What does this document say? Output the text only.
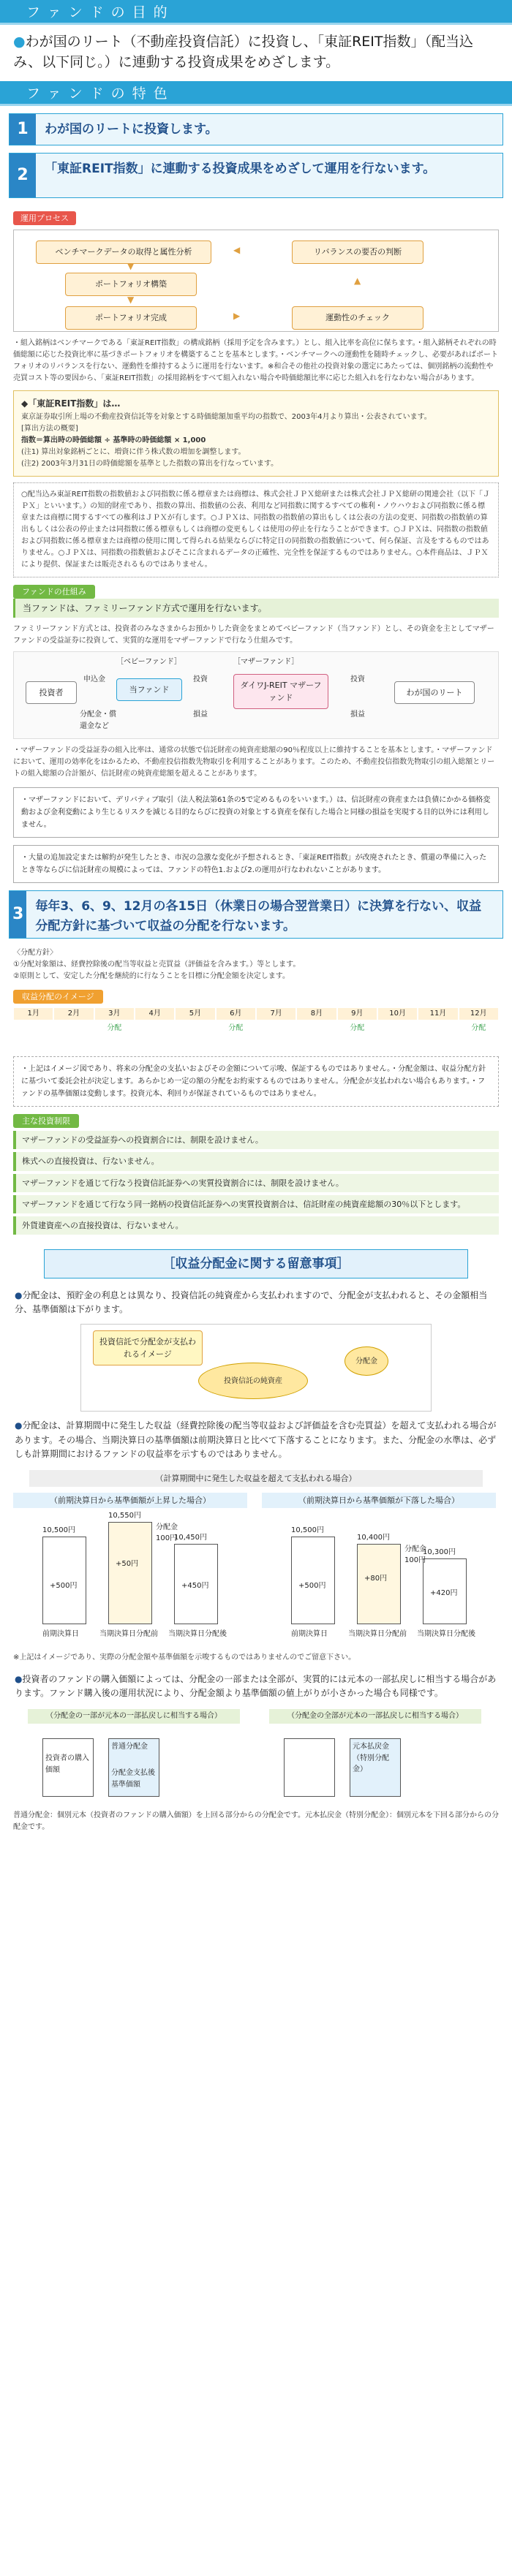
ファンドの目的
●わが国のリート（不動産投資信託）に投資し、「東証REIT指数」（配当込み、以下同じ。）に連動する投資成果をめざします。
ファンドの特色
1	わが国のリートに投資します。
2	「東証REIT指数」に連動する投資成果をめざして運用を行ないます。
運用プロセス
ベンチマークデータの取得と属性分析
ポートフォリオ構築
ポートフォリオ完成
リバランスの要否の判断
運動性のチェック
▼
▼
▶
▲
◀
・組入銘柄はベンチマークである「東証REIT指数」の構成銘柄（採用予定を含みます。）とし、組入比率を高位に保ちます。・組入銘柄それぞれの時価総額に応じた投資比率に基づきポートフォリオを構築することを基本とします。・ベンチマークへの運動性を随時チェックし、必要があればポートフォリオのリバランスを行ない、運動性を維持するように運用を行ないます。※和合その他社の投資対象の選定にあたっては、個別銘柄の流動性や売買コスト等の要因から、「東証REIT指数」の採用銘柄をすべて組入れない場合や時価総額比率に応じた組入れを行なわない場合があります。
◆「東証REIT指数」は…
東京証券取引所上場の不動産投資信託等を対象とする時価総額加重平均の指数で、2003年4月より算出・公表されています。
[算出方法の概要]
指数＝算出時の時価総額 ÷ 基準時の時価総額 × 1,000
(注1) 算出対象銘柄ごとに、増資に伴う株式数の増加を調整します。
(注2) 2003年3月31日の時価総額を基準とした指数の算出を行なっています。
○配当込み東証REIT指数の指数値および同指数に係る標章または商標は、株式会社ＪＰＸ総研または株式会社ＪＰＸ総研の関連会社（以下「ＪＰＸ」といいます。）の知的財産であり、指数の算出、指数値の公表、利用など同指数に関するすべての権利・ノウハウおよび同指数に係る標章または商標に関するすべての権利はＪＰＸが有します。○ＪＰＸは、同指数の指数値の算出もしくは公表の方法の変更、同指数の指数値の算出もしくは公表の停止または同指数に係る標章もしくは商標の変更もしくは使用の停止を行なうことができます。○ＪＰＸは、同指数の指数値および同指数に係る標章または商標の使用に関して得られる結果ならびに特定日の同指数の指数値について、何ら保証、言及をするものではありません。○ＪＰＸは、同指数の指数値およびそこに含まれるデータの正確性、完全性を保証するものではありません。○本件商品は、ＪＰＸにより提供、保証または販売されるものではありません。
ファンドの仕組み
当ファンドは、ファミリーファンド方式で運用を行ないます。
ファミリーファンド方式とは、投資者のみなさまからお預かりした資金をまとめてベビーファンド（当ファンド）とし、その資金を主としてマザーファンドの受益証券に投資して、実質的な運用をマザーファンドで行なう仕組みです。
投資者
［ベビーファンド］
当ファンド
［マザーファンド］
ダイワJ-REIT マザーファンド
わが国のリート
申込金
分配金・償還金など
投資
損益
投資
損益
・マザーファンドの受益証券の組入比率は、通常の状態で信託財産の純資産総額の90％程度以上に維持することを基本とします。・マザーファンドにおいて、運用の効率化をはかるため、不動産投信指数先物取引を利用することがあります。このため、不動産投信指数先物取引の組入総額とリートの組入総額の合計額が、信託財産の純資産総額を超えることがあります。
・マザーファンドにおいて、デリバティブ取引（法人税法第61条の5で定めるものをいいます。）は、信託財産の資産または負債にかかる価格変動および金利変動により生じるリスクを減じる目的ならびに投資の対象とする資産を保有した場合と同様の損益を実現する目的以外には利用しません。
・大量の追加設定または解約が発生したとき、市況の急激な変化が予想されるとき、「東証REIT指数」が改廃されたとき、償還の準備に入ったとき等ならびに信託財産の規模によっては、ファンドの特色1.および2.の運用が行なわれないことがあります。
3 毎年3、6、9、12月の各15日（休業日の場合翌営業日）に決算を行ない、収益分配方針に基づいて収益の分配を行ないます。
〈分配方針〉
①分配対象額は、経費控除後の配当等収益と売買益（評価益を含みます。）等とします。
②原則として、安定した分配を継続的に行なうことを目標に分配金額を決定します。
収益分配のイメージ
1月	2月	3月
分配
4月	5月	6月
分配
7月	8月	9月
分配
10月	11月	12月
分配
・上記はイメージ図であり、将来の分配金の支払いおよびその金額について示唆、保証するものではありません。・分配金額は、収益分配方針に基づいて委託会社が決定します。あらかじめ一定の額の分配をお約束するものではありません。分配金が支払われない場合もあります。・ファンドの基準価額は変動します。投資元本、利回りが保証されているものではありません。
主な投資制限
マザーファンドの受益証券への投資割合には、制限を設けません。
株式への直接投資は、行ないません。
マザーファンドを通じて行なう投資信託証券への実質投資割合には、制限を設けません。
マザーファンドを通じて行なう同一銘柄の投資信託証券への実質投資割合は、信託財産の純資産総額の30％以下とします。
外貨建資産への直接投資は、行ないません。
［収益分配金に関する留意事項］
●分配金は、預貯金の利息とは異なり、投資信託の純資産から支払われますので、分配金が支払われると、その金額相当分、基準価額は下がります。
投資信託で分配金が支払われるイメージ
投資信託の純資産
分配金
●分配金は、計算期間中に発生した収益（経費控除後の配当等収益および評価益を含む売買益）を超えて支払われる場合があります。その場合、当期決算日の基準価額は前期決算日と比べて下落することになります。また、分配金の水準は、必ずしも計算期間におけるファンドの収益率を示すものではありません。
（計算期間中に発生した収益を超えて支払われる場合）
（前期決算日から基準価額が上昇した場合）	（前期決算日から基準価額が下落した場合）
10,500円
10,550円
10,450円
+500円
+50円
+450円
分配金 100円
前期決算日	当期決算日分配前 当期決算日分配後
10,500円
10,400円
10,300円
+500円
+80円
+420円
分配金 100円
前期決算日	当期決算日分配前 当期決算日分配後
※上記はイメージであり、実際の分配金額や基準価額を示唆するものではありませんのでご留意下さい。
●投資者のファンドの購入価額によっては、分配金の一部または全部が、実質的には元本の一部払戻しに相当する場合があります。ファンド購入後の運用状況により、分配金額より基準価額の値上がりが小さかった場合も同様です。
（分配金の一部が元本の一部払戻しに相当する場合）	（分配金の全部が元本の一部払戻しに相当する場合）
投資者の購入価額
普通分配金
分配金支払後基準価額
元本払戻金（特別分配金）
普通分配金：個別元本（投資者のファンドの購入価額）を上回る部分からの分配金です。元本払戻金（特別分配金）：個別元本を下回る部分からの分配金です。
